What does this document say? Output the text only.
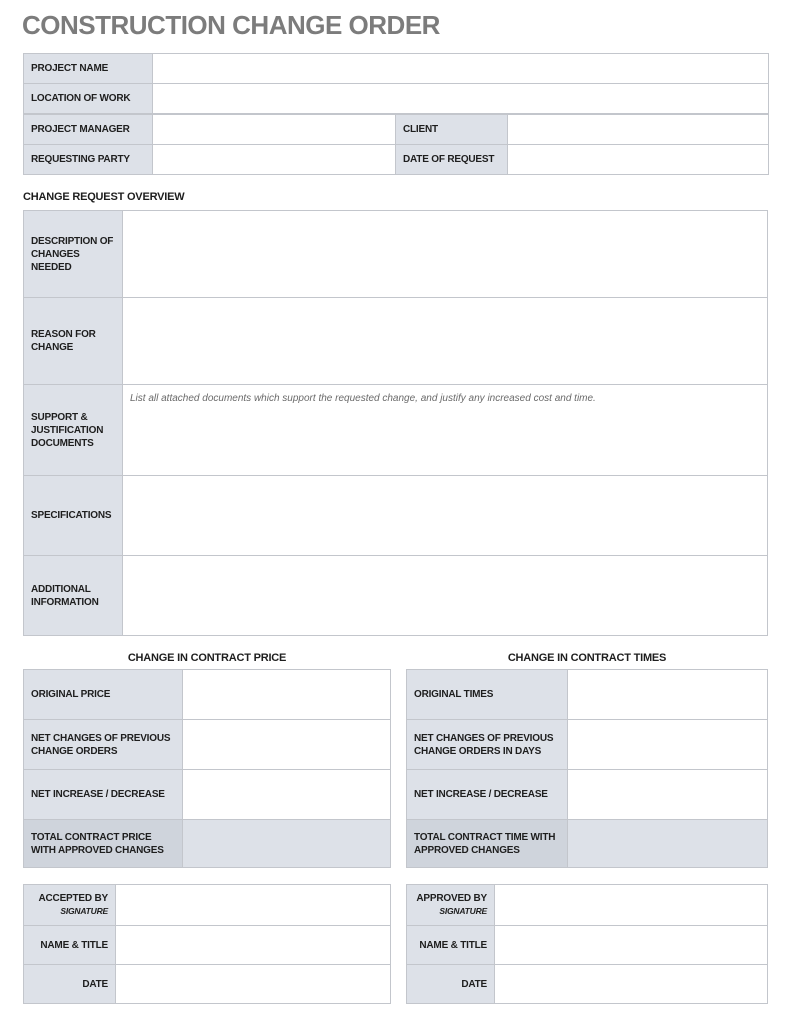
CONSTRUCTION CHANGE ORDER
PROJECT NAME	
LOCATION OF WORK	
PROJECT MANAGER		CLIENT	
REQUESTING PARTY		DATE OF REQUEST	
CHANGE REQUEST OVERVIEW
DESCRIPTION OF CHANGES NEEDED	
REASON FOR CHANGE	
SUPPORT & JUSTIFICATION DOCUMENTS	List all attached documents which support the requested change, and justify any increased cost and time.
SPECIFICATIONS	
ADDITIONAL INFORMATION	
CHANGE IN CONTRACT PRICE
ORIGINAL PRICE	
NET CHANGES OF PREVIOUS CHANGE ORDERS	
NET INCREASE / DECREASE	
TOTAL CONTRACT PRICE WITH APPROVED CHANGES	
CHANGE IN CONTRACT TIMES
ORIGINAL TIMES	
NET CHANGES OF PREVIOUS CHANGE ORDERS IN DAYS	
NET INCREASE / DECREASE	
TOTAL CONTRACT TIME WITH APPROVED CHANGES	
ACCEPTED BY
SIGNATURE	

NAME & TITLE	
DATE	
APPROVED BY
SIGNATURE	

NAME & TITLE	
DATE	
